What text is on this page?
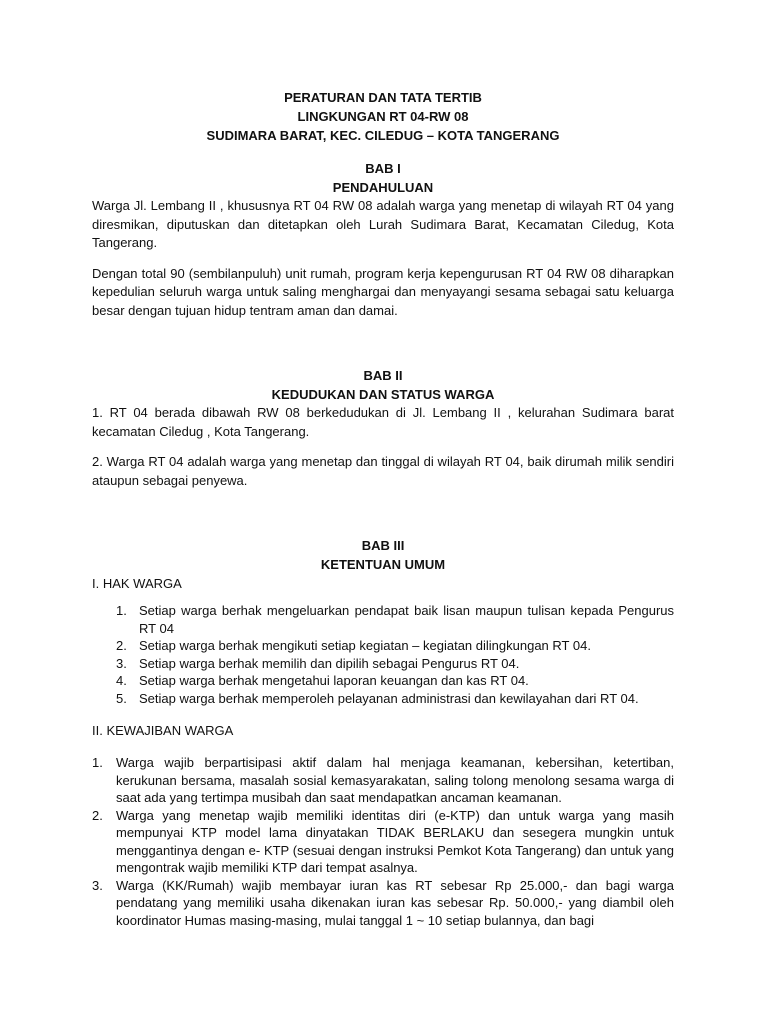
PERATURAN DAN TATA TERTIB
LINGKUNGAN RT 04-RW 08
SUDIMARA BARAT, KEC. CILEDUG – KOTA TANGERANG
BAB I
PENDAHULUAN

Warga Jl. Lembang II , khususnya RT 04 RW 08 adalah warga yang menetap di wilayah RT 04 yang diresmikan, diputuskan dan ditetapkan oleh Lurah Sudimara Barat, Kecamatan Ciledug, Kota Tangerang.

Dengan total 90 (sembilanpuluh) unit rumah, program kerja kepengurusan RT 04 RW 08 diharapkan kepedulian seluruh warga untuk saling menghargai dan menyayangi sesama sebagai satu keluarga besar dengan tujuan hidup tentram aman dan damai.

BAB II
KEDUDUKAN DAN STATUS WARGA

1. RT 04 berada dibawah RW 08 berkedudukan di Jl. Lembang II , kelurahan Sudimara barat kecamatan Ciledug , Kota Tangerang.

2. Warga RT 04 adalah warga yang menetap dan tinggal di wilayah RT 04, baik dirumah milik sendiri ataupun sebagai penyewa.

BAB III
KETENTUAN UMUM
I. HAK WARGA
1. Setiap warga berhak mengeluarkan pendapat baik lisan maupun tulisan kepada Pengurus RT 04
2. Setiap warga berhak mengikuti setiap kegiatan – kegiatan dilingkungan RT 04.
3. Setiap warga berhak memilih dan dipilih sebagai Pengurus RT 04.
4. Setiap warga berhak mengetahui laporan keuangan dan kas RT 04.
5. Setiap warga berhak memperoleh pelayanan administrasi dan kewilayahan dari RT 04.
II. KEWAJIBAN WARGA
1. Warga wajib berpartisipasi aktif dalam hal menjaga keamanan, kebersihan, ketertiban, kerukunan bersama, masalah sosial kemasyarakatan, saling tolong menolong sesama warga di saat ada yang tertimpa musibah dan saat mendapatkan ancaman keamanan.
2. Warga yang menetap wajib memiliki identitas diri (e-KTP) dan untuk warga yang masih mempunyai KTP model lama dinyatakan TIDAK BERLAKU dan sesegera mungkin untuk menggantinya dengan e- KTP (sesuai dengan instruksi Pemkot Kota Tangerang) dan untuk yang mengontrak wajib memiliki KTP dari tempat asalnya.
3. Warga (KK/Rumah) wajib membayar iuran kas RT sebesar Rp 25.000,- dan bagi warga pendatang yang memiliki usaha dikenakan iuran kas sebesar Rp. 50.000,- yang diambil oleh koordinator Humas masing-masing, mulai tanggal 1 ~ 10 setiap bulannya, dan bagi
